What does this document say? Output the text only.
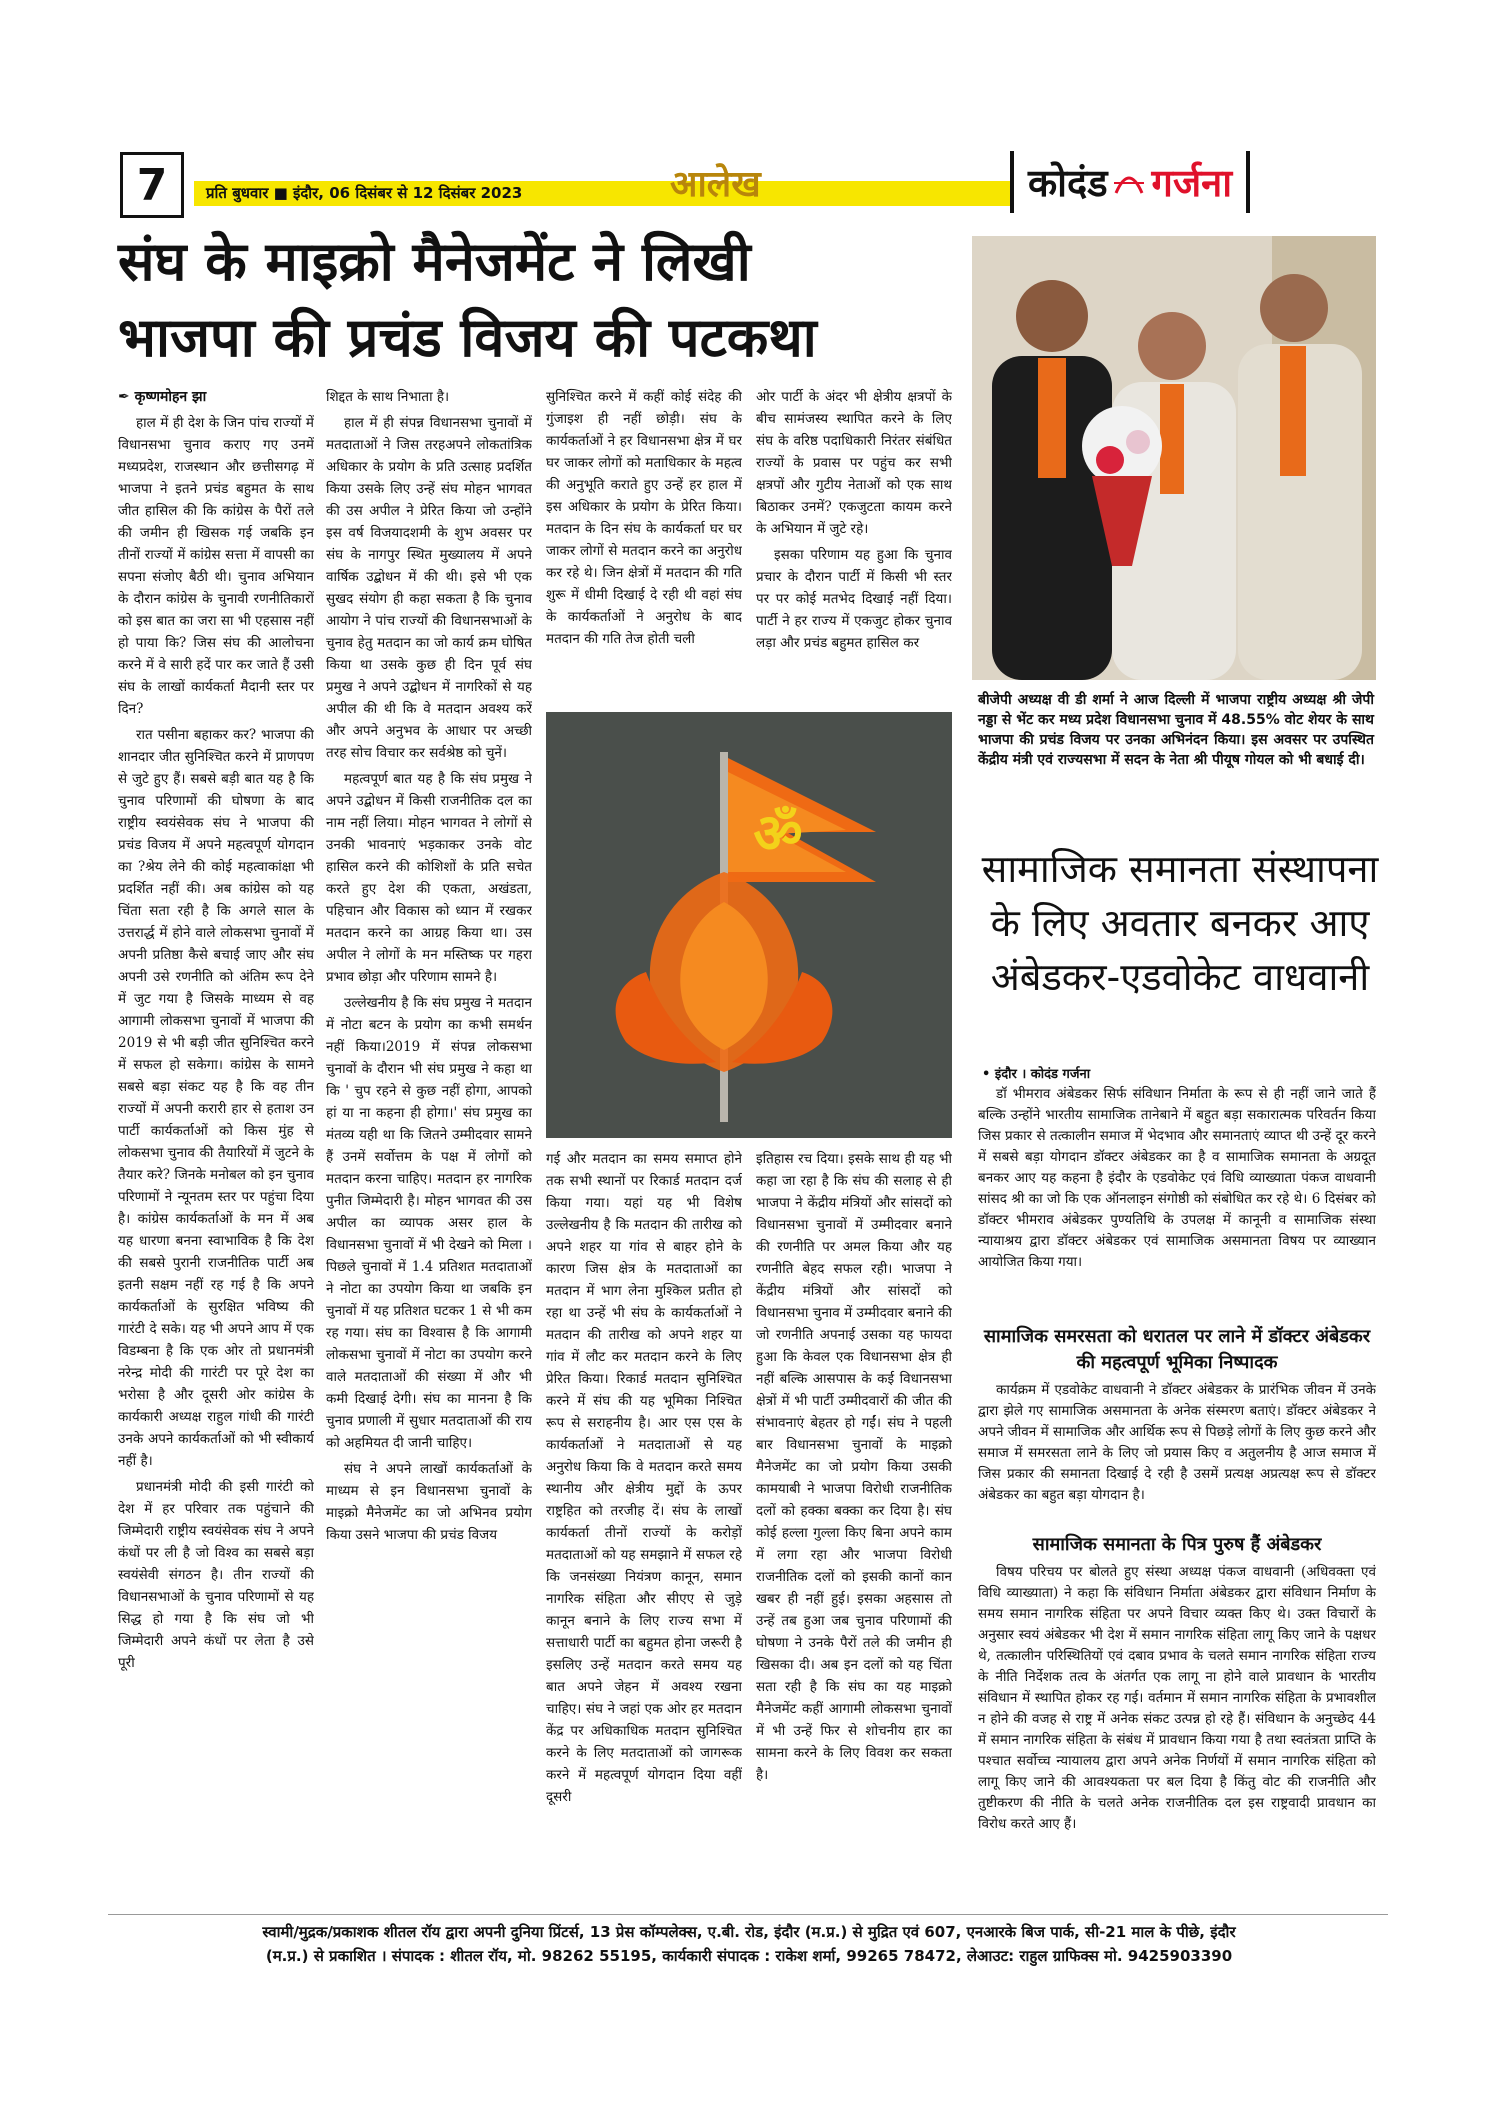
7	प्रति बुधवार ■ इंदौर, 06 दिसंबर से 12 दिसंबर 2023	आलेख	कोदंड गर्जना
संघ के माइक्रो मैनेजमेंट ने लिखी
भाजपा की प्रचंड विजय की पटकथा

✒ कृष्णमोहन झा

हाल में ही देश के जिन पांच राज्यों में विधानसभा चुनाव कराए गए उनमें मध्यप्रदेश, राजस्थान और छत्तीसगढ़ में भाजपा ने इतने प्रचंड बहुमत के साथ जीत हासिल की कि कांग्रेस के पैरों तले की जमीन ही खिसक गई जबकि इन तीनों राज्यों में कांग्रेस सत्ता में वापसी का सपना संजोए बैठी थी। चुनाव अभियान के दौरान कांग्रेस के चुनावी रणनीतिकारों को इस बात का जरा सा भी एहसास नहीं हो पाया कि? जिस संघ की आलोचना करने में वे सारी हदें पार कर जाते हैं उसी संघ के लाखों कार्यकर्ता मैदानी स्तर पर दिन?

रात पसीना बहाकर कर? भाजपा की शानदार जीत सुनिश्चित करने में प्राणपण से जुटे हुए हैं। सबसे बड़ी बात यह है कि चुनाव परिणामों की घोषणा के बाद राष्ट्रीय स्वयंसेवक संघ ने भाजपा की प्रचंड विजय में अपने महत्वपूर्ण योगदान का ?श्रेय लेने की कोई महत्वाकांक्षा भी प्रदर्शित नहीं की। अब कांग्रेस को यह चिंता सता रही है कि अगले साल के उत्तरार्द्ध में होने वाले लोकसभा चुनावों में अपनी प्रतिष्ठा कैसे बचाई जाए और संघ अपनी उसे रणनीति को अंतिम रूप देने में जुट गया है जिसके माध्यम से वह आगामी लोकसभा चुनावों में भाजपा की 2019 से भी बड़ी जीत सुनिश्चित करने में सफल हो सकेगा। कांग्रेस के सामने सबसे बड़ा संकट यह है कि वह तीन राज्यों में अपनी करारी हार से हताश उन पार्टी कार्यकर्ताओं को किस मुंह से लोकसभा चुनाव की तैयारियों में जुटने के तैयार करे? जिनके मनोबल को इन चुनाव परिणामों ने न्यूनतम स्तर पर पहुंचा दिया है। कांग्रेस कार्यकर्ताओं के मन में अब यह धारणा बनना स्वाभाविक है कि देश की सबसे पुरानी राजनीतिक पार्टी अब इतनी सक्षम नहीं रह गई है कि अपने कार्यकर्ताओं के सुरक्षित भविष्य की गारंटी दे सके। यह भी अपने आप में एक विडम्बना है कि एक ओर तो प्रधानमंत्री नरेन्द्र मोदी की गारंटी पर पूरे देश का भरोसा है और दूसरी ओर कांग्रेस के कार्यकारी अध्यक्ष राहुल गांधी की गारंटी उनके अपने कार्यकर्ताओं को भी स्वीकार्य नहीं है।

प्रधानमंत्री मोदी की इसी गारंटी को देश में हर परिवार तक पहुंचाने की जिम्मेदारी राष्ट्रीय स्वयंसेवक संघ ने अपने कंधों पर ली है जो विश्व का सबसे बड़ा स्वयंसेवी संगठन है। तीन राज्यों की विधानसभाओं के चुनाव परिणामों से यह सिद्ध हो गया है कि संघ जो भी जिम्मेदारी अपने कंधों पर लेता है उसे पूरी

शिद्दत के साथ निभाता है।

हाल में ही संपन्न विधानसभा चुनावों में मतदाताओं ने जिस तरहअपने लोकतांत्रिक अधिकार के प्रयोग के प्रति उत्साह प्रदर्शित किया उसके लिए उन्हें संघ मोहन भागवत की उस अपील ने प्रेरित किया जो उन्होंने इस वर्ष विजयादशमी के शुभ अवसर पर संघ के नागपुर स्थित मुख्यालय में अपने वार्षिक उद्बोधन में की थी। इसे भी एक सुखद संयोग ही कहा सकता है कि चुनाव आयोग ने पांच राज्यों की विधानसभाओं के चुनाव हेतु मतदान का जो कार्य क्रम घोषित किया था उसके कुछ ही दिन पूर्व संघ प्रमुख ने अपने उद्बोधन में नागरिकों से यह अपील की थी कि वे मतदान अवश्य करें और अपने अनुभव के आधार पर अच्छी तरह सोच विचार कर सर्वश्रेष्ठ को चुनें।

महत्वपूर्ण बात यह है कि संघ प्रमुख ने अपने उद्बोधन में किसी राजनीतिक दल का नाम नहीं लिया। मोहन भागवत ने लोगों से उनकी भावनाएं भड़काकर उनके वोट हासिल करने की कोशिशों के प्रति सचेत करते हुए देश की एकता, अखंडता, पहिचान और विकास को ध्यान में रखकर मतदान करने का आग्रह किया था। उस अपील ने लोगों के मन मस्तिष्क पर गहरा प्रभाव छोड़ा और परिणाम सामने है।

उल्लेखनीय है कि संघ प्रमुख ने मतदान में नोटा बटन के प्रयोग का कभी समर्थन नहीं किया।2019 में संपन्न लोकसभा चुनावों के दौरान भी संघ प्रमुख ने कहा था कि ' चुप रहने से कुछ नहीं होगा, आपको हां या ना कहना ही होगा।' संघ प्रमुख का मंतव्य यही था कि जितने उम्मीदवार सामने हैं उनमें सर्वोत्तम के पक्ष में लोगों को मतदान करना चाहिए। मतदान हर नागरिक पुनीत जिम्मेदारी है। मोहन भागवत की उस अपील का व्यापक असर हाल के विधानसभा चुनावों में भी देखने को मिला । पिछले चुनावों में 1.4 प्रतिशत मतदाताओं ने नोटा का उपयोग किया था जबकि इन चुनावों में यह प्रतिशत घटकर 1 से भी कम रह गया। संघ का विश्वास है कि आगामी लोकसभा चुनावों में नोटा का उपयोग करने वाले मतदाताओं की संख्या में और भी कमी दिखाई देगी। संघ का मानना है कि चुनाव प्रणाली में सुधार मतदाताओं की राय को अहमियत दी जानी चाहिए।

संघ ने अपने लाखों कार्यकर्ताओं के माध्यम से इन विधानसभा चुनावों के माइक्रो मैनेजमेंट का जो अभिनव प्रयोग किया उसने भाजपा की प्रचंड विजय

सुनिश्चित करने में कहीं कोई संदेह की गुंजाइश ही नहीं छोड़ी। संघ के कार्यकर्ताओं ने हर विधानसभा क्षेत्र में घर घर जाकर लोगों को मताधिकार के महत्व की अनुभूति कराते हुए उन्हें हर हाल में इस अधिकार के प्रयोग के प्रेरित किया। मतदान के दिन संघ के कार्यकर्ता घर घर जाकर लोगों से मतदान करने का अनुरोध कर रहे थे। जिन क्षेत्रों में मतदान की गति शुरू में धीमी दिखाई दे रही थी वहां संघ के कार्यकर्ताओं ने अनुरोध के बाद मतदान की गति तेज होती चली

ओर पार्टी के अंदर भी क्षेत्रीय क्षत्रपों के बीच सामंजस्य स्थापित करने के लिए संघ के वरिष्ठ पदाधिकारी निरंतर संबंधित राज्यों के प्रवास पर पहुंच कर सभी क्षत्रपों और गुटीय नेताओं को एक साथ बिठाकर उनमें? एकजुटता कायम करने के अभियान में जुटे रहे।

इसका परिणाम यह हुआ कि चुनाव प्रचार के दौरान पार्टी में किसी भी स्तर पर पर कोई मतभेद दिखाई नहीं दिया। पार्टी ने हर राज्य में एकजुट होकर चुनाव लड़ा और प्रचंड बहुमत हासिल कर

ॐ

गई और मतदान का समय समाप्त होने तक सभी स्थानों पर रिकार्ड मतदान दर्ज किया गया। यहां यह भी विशेष उल्लेखनीय है कि मतदान की तारीख को अपने शहर या गांव से बाहर होने के कारण जिस क्षेत्र के मतदाताओं का मतदान में भाग लेना मुश्किल प्रतीत हो रहा था उन्हें भी संघ के कार्यकर्ताओं ने मतदान की तारीख को अपने शहर या गांव में लौट कर मतदान करने के लिए प्रेरित किया। रिकार्ड मतदान सुनिश्चित करने में संघ की यह भूमिका निश्चित रूप से सराहनीय है। आर एस एस के कार्यकर्ताओं ने मतदाताओं से यह अनुरोध किया कि वे मतदान करते समय स्थानीय और क्षेत्रीय मुद्दों के ऊपर राष्ट्रहित को तरजीह दें। संघ के लाखों कार्यकर्ता तीनों राज्यों के करोड़ों मतदाताओं को यह समझाने में सफल रहे कि जनसंख्या नियंत्रण कानून, समान नागरिक संहिता और सीएए से जुड़े कानून बनाने के लिए राज्य सभा में सत्ताधारी पार्टी का बहुमत होना जरूरी है इसलिए उन्हें मतदान करते समय यह बात अपने जेहन में अवश्य रखना चाहिए। संघ ने जहां एक ओर हर मतदान केंद्र पर अधिकाधिक मतदान सुनिश्चित करने के लिए मतदाताओं को जागरूक करने में महत्वपूर्ण योगदान दिया वहीं दूसरी

इतिहास रच दिया। इसके साथ ही यह भी कहा जा रहा है कि संघ की सलाह से ही भाजपा ने केंद्रीय मंत्रियों और सांसदों को विधानसभा चुनावों में उम्मीदवार बनाने की रणनीति पर अमल किया और यह रणनीति बेहद सफल रही। भाजपा ने केंद्रीय मंत्रियों और सांसदों को विधानसभा चुनाव में उम्मीदवार बनाने की जो रणनीति अपनाई उसका यह फायदा हुआ कि केवल एक विधानसभा क्षेत्र ही नहीं बल्कि आसपास के कई विधानसभा क्षेत्रों में भी पार्टी उम्मीदवारों की जीत की संभावनाएं बेहतर हो गईं। संघ ने पहली बार विधानसभा चुनावों के माइक्रो मैनेजमेंट का जो प्रयोग किया उसकी कामयाबी ने भाजपा विरोधी राजनीतिक दलों को हक्का बक्का कर दिया है। संघ कोई हल्ला गुल्ला किए बिना अपने काम में लगा रहा और भाजपा विरोधी राजनीतिक दलों को इसकी कानों कान खबर ही नहीं हुई। इसका अहसास तो उन्हें तब हुआ जब चुनाव परिणामों की घोषणा ने उनके पैरों तले की जमीन ही खिसका दी। अब इन दलों को यह चिंता सता रही है कि संघ का यह माइक्रो मैनेजमेंट कहीं आगामी लोकसभा चुनावों में भी उन्हें फिर से शोचनीय हार का सामना करने के लिए विवश कर सकता है।

बीजेपी अध्यक्ष वी डी शर्मा ने आज दिल्ली में भाजपा राष्ट्रीय अध्यक्ष श्री जेपी नड्डा से भेंट कर मध्य प्रदेश विधानसभा चुनाव में 48.55% वोट शेयर के साथ भाजपा की प्रचंड विजय पर उनका अभिनंदन किया। इस अवसर पर उपस्थित केंद्रीय मंत्री एवं राज्यसभा में सदन के नेता श्री पीयूष गोयल को भी बधाई दी।
सामाजिक समानता संस्थापना के लिए अवतार बनकर आए अंबेडकर-एडवोकेट वाधवानी
• इंदौर । कोदंड गर्जना

डॉ भीमराव अंबेडकर सिर्फ संविधान निर्माता के रूप से ही नहीं जाने जाते हैं बल्कि उन्होंने भारतीय सामाजिक तानेबाने में बहुत बड़ा सकारात्मक परिवर्तन किया जिस प्रकार से तत्कालीन समाज में भेदभाव और समानताएं व्याप्त थी उन्हें दूर करने में सबसे बड़ा योगदान डॉक्टर अंबेडकर का है व सामाजिक समानता के अग्रदूत बनकर आए यह कहना है इंदौर के एडवोकेट एवं विधि व्याख्याता पंकज वाधवानी सांसद श्री का जो कि एक ऑनलाइन संगोष्ठी को संबोधित कर रहे थे। 6 दिसंबर को डॉक्टर भीमराव अंबेडकर पुण्यतिथि के उपलक्ष में कानूनी व सामाजिक संस्था न्यायाश्रय द्वारा डॉक्टर अंबेडकर एवं सामाजिक असमानता विषय पर व्याख्यान आयोजित किया गया।

सामाजिक समरसता को धरातल पर लाने में डॉक्टर अंबेडकर की महत्वपूर्ण भूमिका निष्पादक

कार्यक्रम में एडवोकेट वाधवानी ने डॉक्टर अंबेडकर के प्रारंभिक जीवन में उनके द्वारा झेले गए सामाजिक असमानता के अनेक संस्मरण बताएं। डॉक्टर अंबेडकर ने अपने जीवन में सामाजिक और आर्थिक रूप से पिछड़े लोगों के लिए कुछ करने और समाज में समरसता लाने के लिए जो प्रयास किए व अतुलनीय है आज समाज में जिस प्रकार की समानता दिखाई दे रही है उसमें प्रत्यक्ष अप्रत्यक्ष रूप से डॉक्टर अंबेडकर का बहुत बड़ा योगदान है।

सामाजिक समानता के पित्र पुरुष हैं अंबेडकर

विषय परिचय पर बोलते हुए संस्था अध्यक्ष पंकज वाधवानी (अधिवक्ता एवं विधि व्याख्याता) ने कहा कि संविधान निर्माता अंबेडकर द्वारा संविधान निर्माण के समय समान नागरिक संहिता पर अपने विचार व्यक्त किए थे। उक्त विचारों के अनुसार स्वयं अंबेडकर भी देश में समान नागरिक संहिता लागू किए जाने के पक्षधर थे, तत्कालीन परिस्थितियों एवं दबाव प्रभाव के चलते समान नागरिक संहिता राज्य के नीति निर्देशक तत्व के अंतर्गत एक लागू ना होने वाले प्रावधान के भारतीय संविधान में स्थापित होकर रह गई। वर्तमान में समान नागरिक संहिता के प्रभावशील न होने की वजह से राष्ट्र में अनेक संकट उत्पन्न हो रहे हैं। संविधान के अनुच्छेद 44 में समान नागरिक संहिता के संबंध में प्रावधान किया गया है तथा स्वतंत्रता प्राप्ति के पश्चात सर्वोच्च न्यायालय द्वारा अपने अनेक निर्णयों में समान नागरिक संहिता को लागू किए जाने की आवश्यकता पर बल दिया है किंतु वोट की राजनीति और तुष्टीकरण की नीति के चलते अनेक राजनीतिक दल इस राष्ट्रवादी प्रावधान का विरोध करते आए हैं।

स्वामी/मुद्रक/प्रकाशक शीतल रॉय द्वारा अपनी दुनिया प्रिंटर्स, 13 प्रेस कॉम्पलेक्स, ए.बी. रोड, इंदौर (म.प्र.) से मुद्रित एवं 607, एनआरके बिज पार्क, सी-21 माल के पीछे, इंदौर
(म.प्र.) से प्रकाशित । संपादक : शीतल रॉय, मो. 98262 55195, कार्यकारी संपादक : राकेश शर्मा, 99265 78472, लेआउट: राहुल ग्राफिक्स मो. 9425903390
